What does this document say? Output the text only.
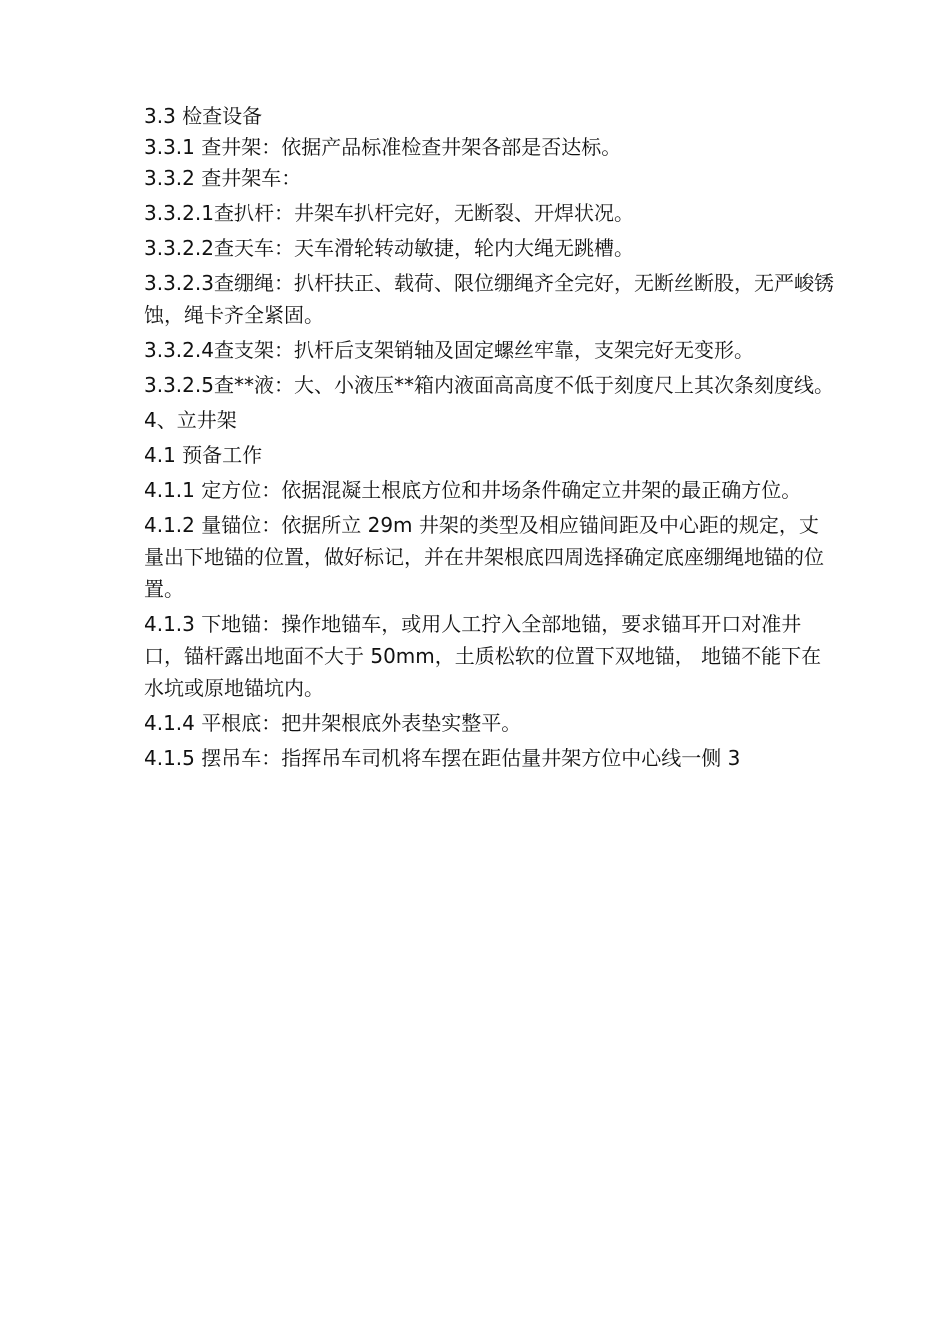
3.3 检查设备

3.3.1 查井架：依据产品标准检查井架各部是否达标。

3.3.2 查井架车：

3.3.2.1查扒杆：井架车扒杆完好，无断裂、开焊状况。

3.3.2.2查天车：天车滑轮转动敏捷，轮内大绳无跳槽。

3.3.2.3查绷绳：扒杆扶正、载荷、限位绷绳齐全完好，无断丝断股，无严峻锈蚀，绳卡齐全紧固。

3.3.2.4查支架：扒杆后支架销轴及固定螺丝牢靠，支架完好无变形。

3.3.2.5查**液：大、小液压**箱内液面高高度不低于刻度尺上其次条刻度线。

4、立井架

4.1 预备工作

4.1.1 定方位：依据混凝土根底方位和井场条件确定立井架的最正确方位。

4.1.2 量锚位：依据所立 29m 井架的类型及相应锚间距及中心距的规定，丈量出下地锚的位置，做好标记，并在井架根底四周选择确定底座绷绳地锚的位置。

4.1.3 下地锚：操作地锚车，或用人工拧入全部地锚，要求锚耳开口对准井口，锚杆露出地面不大于 50mm，土质松软的位置下双地锚， 地锚不能下在水坑或原地锚坑内。

4.1.4 平根底：把井架根底外表垫实整平。

4.1.5 摆吊车：指挥吊车司机将车摆在距估量井架方位中心线一侧 3
